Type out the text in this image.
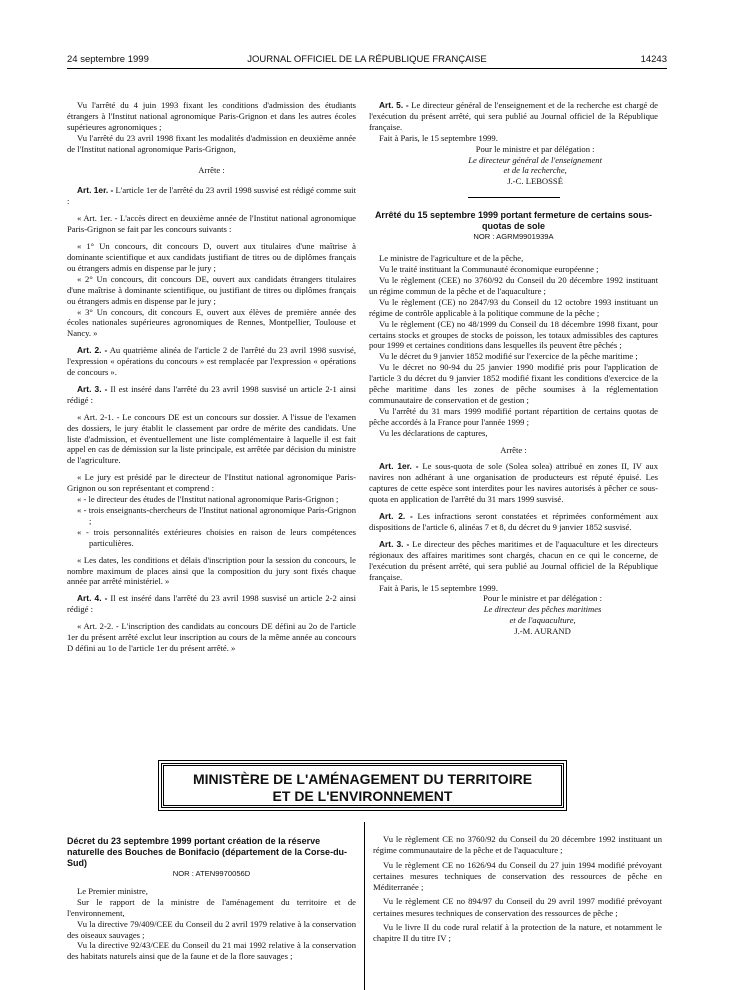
24 septembre 1999	JOURNAL OFFICIEL DE LA RÉPUBLIQUE FRANÇAISE	14243

Vu l'arrêté du 4 juin 1993 fixant les conditions d'admission des étudiants étrangers à l'Institut national agronomique Paris-Grignon et dans les autres écoles supérieures agronomiques ;

Vu l'arrêté du 23 avril 1998 fixant les modalités d'admission en deuxième année de l'Institut national agronomique Paris-Grignon,

Arrête :

Art. 1er. - L'article 1er de l'arrêté du 23 avril 1998 susvisé est rédigé comme suit :

« Art. 1er. - L'accès direct en deuxième année de l'Institut national agronomique Paris-Grignon se fait par les concours suivants :

« 1° Un concours, dit concours D, ouvert aux titulaires d'une maîtrise à dominante scientifique et aux candidats justifiant de titres ou de diplômes français ou étrangers admis en dispense par le jury ;

« 2° Un concours, dit concours DE, ouvert aux candidats étrangers titulaires d'une maîtrise à dominante scientifique, ou justifiant de titres ou diplômes français ou étrangers admis en dispense par le jury ;

« 3° Un concours, dit concours E, ouvert aux élèves de première année des écoles nationales supérieures agronomiques de Rennes, Montpellier, Toulouse et Nancy. »

Art. 2. - Au quatrième alinéa de l'article 2 de l'arrêté du 23 avril 1998 susvisé, l'expression « opérations du concours » est remplacée par l'expression « opérations de concours ».

Art. 3. - Il est inséré dans l'arrêté du 23 avril 1998 susvisé un article 2-1 ainsi rédigé :

« Art. 2-1. - Le concours DE est un concours sur dossier. A l'issue de l'examen des dossiers, le jury établit le classement par ordre de mérite des candidats. Une liste d'admission, et éventuellement une liste complémentaire à laquelle il est fait appel en cas de démission sur la liste principale, est arrêtée par décision du ministre de l'agriculture.

« Le jury est présidé par le directeur de l'Institut national agronomique Paris-Grignon ou son représentant et comprend :

« - le directeur des études de l'Institut national agronomique Paris-Grignon ;

« - trois enseignants-chercheurs de l'Institut national agronomique Paris-Grignon ;

« - trois personnalités extérieures choisies en raison de leurs compétences particulières.

« Les dates, les conditions et délais d'inscription pour la session du concours, le nombre maximum de places ainsi que la composition du jury sont fixés chaque année par arrêté ministériel. »

Art. 4. - Il est inséré dans l'arrêté du 23 avril 1998 susvisé un article 2-2 ainsi rédigé :

« Art. 2-2. - L'inscription des candidats au concours DE défini au 2o de l'article 1er du présent arrêté exclut leur inscription au cours de la même année au concours D défini au 1o de l'article 1er du présent arrêté. »

Art. 5. - Le directeur général de l'enseignement et de la recherche est chargé de l'exécution du présent arrêté, qui sera publié au Journal officiel de la République française.

Fait à Paris, le 15 septembre 1999.

Pour le ministre et par délégation :
Le directeur général de l'enseignement
et de la recherche,
J.-C. LEBOSSÉ

Arrêté du 15 septembre 1999 portant fermeture de certains sous-quotas de sole

NOR : AGRM9901939A

Le ministre de l'agriculture et de la pêche,

Vu le traité instituant la Communauté économique européenne ;

Vu le règlement (CEE) no 3760/92 du Conseil du 20 décembre 1992 instituant un régime commun de la pêche et de l'aquaculture ;

Vu le règlement (CE) no 2847/93 du Conseil du 12 octobre 1993 instituant un régime de contrôle applicable à la politique commune de la pêche ;

Vu le règlement (CE) no 48/1999 du Conseil du 18 décembre 1998 fixant, pour certains stocks et groupes de stocks de poisson, les totaux admissibles des captures pour 1999 et certaines conditions dans lesquelles ils peuvent être pêchés ;

Vu le décret du 9 janvier 1852 modifié sur l'exercice de la pêche maritime ;

Vu le décret no 90-94 du 25 janvier 1990 modifié pris pour l'application de l'article 3 du décret du 9 janvier 1852 modifié fixant les conditions d'exercice de la pêche maritime dans les zones de pêche soumises à la réglementation communautaire de conservation et de gestion ;

Vu l'arrêté du 31 mars 1999 modifié portant répartition de certains quotas de pêche accordés à la France pour l'année 1999 ;

Vu les déclarations de captures,

Arrête :

Art. 1er. - Le sous-quota de sole (Solea solea) attribué en zones II, IV aux navires non adhérant à une organisation de producteurs est réputé épuisé. Les captures de cette espèce sont interdites pour les navires autorisés à pêcher ce sous-quota en application de l'arrêté du 31 mars 1999 susvisé.

Art. 2. - Les infractions seront constatées et réprimées conformément aux dispositions de l'article 6, alinéas 7 et 8, du décret du 9 janvier 1852 susvisé.

Art. 3. - Le directeur des pêches maritimes et de l'aquaculture et les directeurs régionaux des affaires maritimes sont chargés, chacun en ce qui le concerne, de l'exécution du présent arrêté, qui sera publié au Journal officiel de la République française.

Fait à Paris, le 15 septembre 1999.

Pour le ministre et par délégation :
Le directeur des pêches maritimes
et de l'aquaculture,
J.-M. AURAND
MINISTÈRE DE L'AMÉNAGEMENT DU TERRITOIRE
ET DE L'ENVIRONNEMENT

Décret du 23 septembre 1999 portant création de la réserve naturelle des Bouches de Bonifacio (département de la Corse-du-Sud)

NOR : ATEN9970056D

Le Premier ministre,

Sur le rapport de la ministre de l'aménagement du territoire et de l'environnement,

Vu la directive 79/409/CEE du Conseil du 2 avril 1979 relative à la conservation des oiseaux sauvages ;

Vu la directive 92/43/CEE du Conseil du 21 mai 1992 relative à la conservation des habitats naturels ainsi que de la faune et de la flore sauvages ;

Vu le règlement CE no 3760/92 du Conseil du 20 décembre 1992 instituant un régime communautaire de la pêche et de l'aquaculture ;

Vu le règlement CE no 1626/94 du Conseil du 27 juin 1994 modifié prévoyant certaines mesures techniques de conservation des ressources de pêche en Méditerranée ;

Vu le règlement CE no 894/97 du Conseil du 29 avril 1997 modifié prévoyant certaines mesures techniques de conservation des ressources de pêche ;

Vu le livre II du code rural relatif à la protection de la nature, et notamment le chapitre II du titre IV ;
